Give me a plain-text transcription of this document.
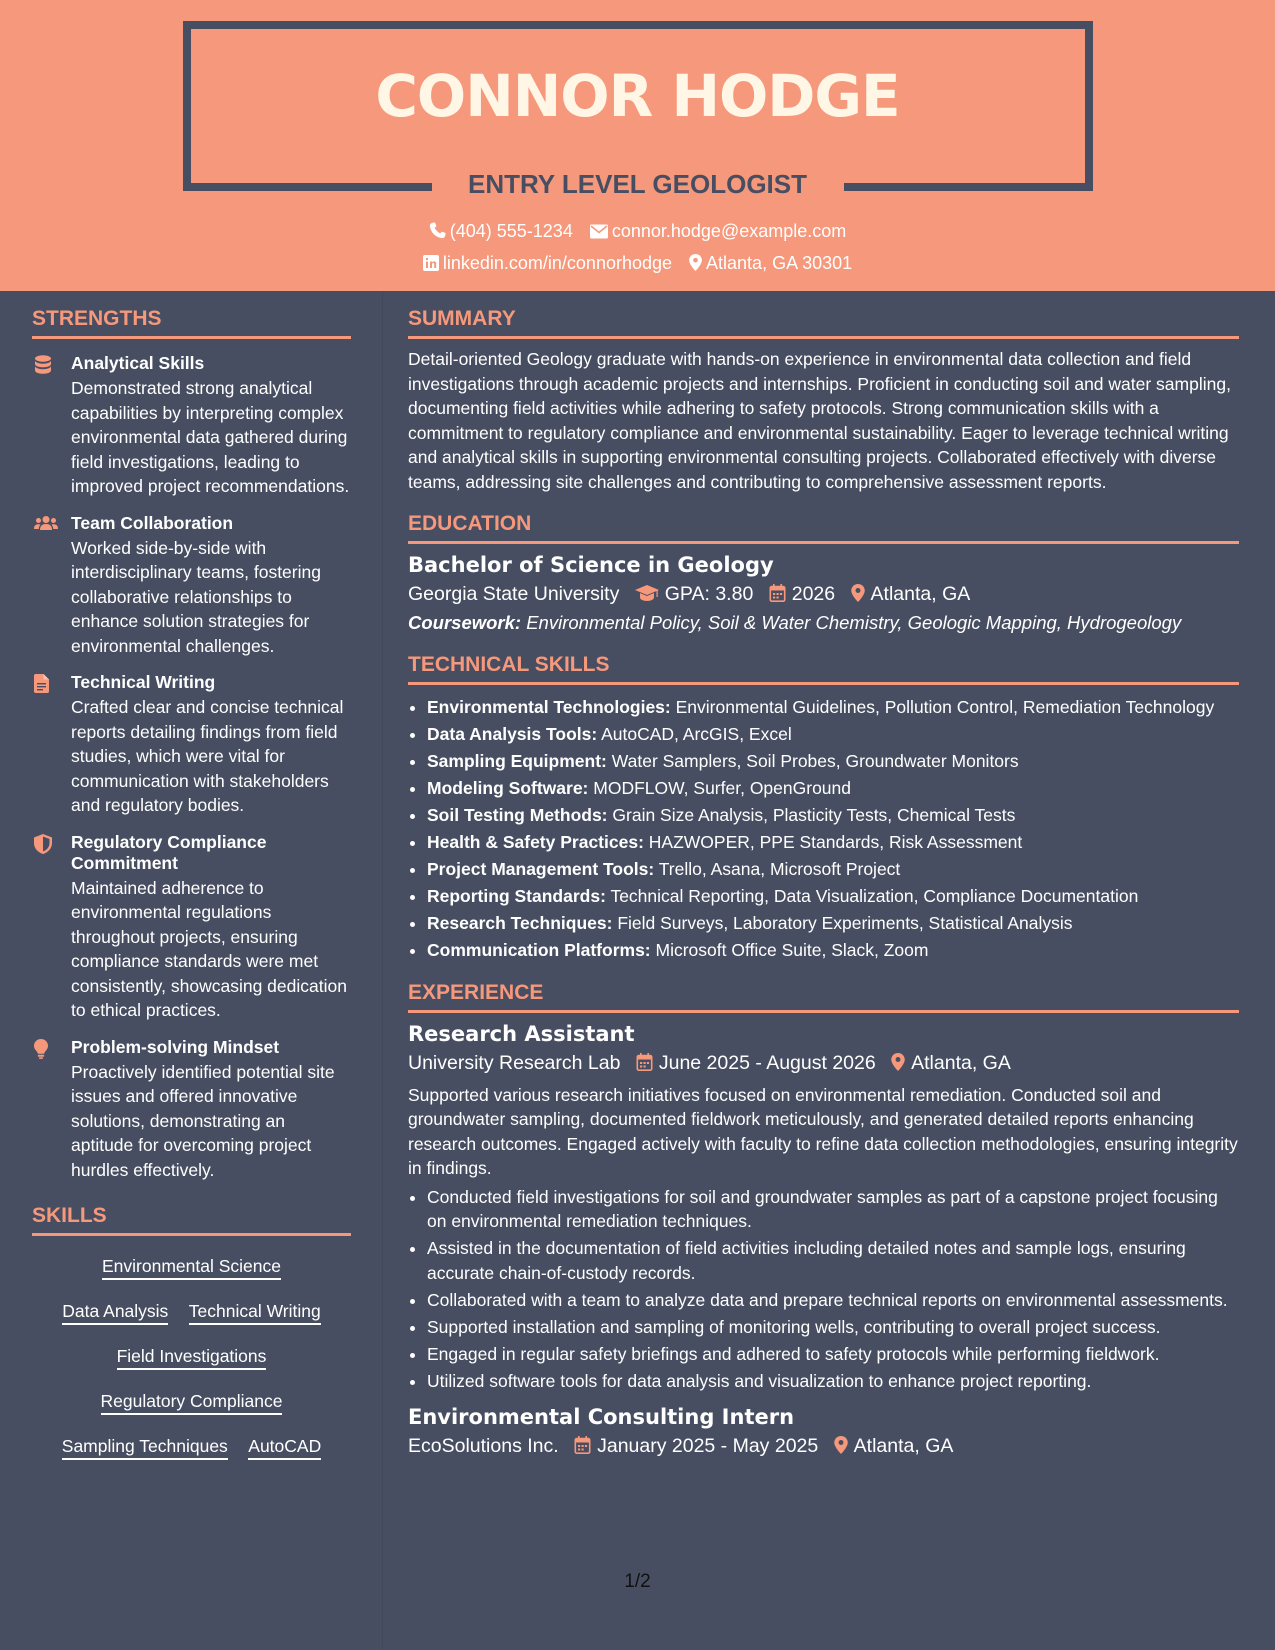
CONNOR HODGE
ENTRY LEVEL GEOLOGIST
(404) 555-1234 connor.hodge@example.com
linkedin.com/in/connorhodge Atlanta, GA 30301
STRENGTHS
Analytical Skills
Demonstrated strong analytical capabilities by interpreting complex environmental data gathered during field investigations, leading to improved project recommendations.
Team Collaboration
Worked side-by-side with interdisciplinary teams, fostering collaborative relationships to enhance solution strategies for environmental challenges.
Technical Writing
Crafted clear and concise technical reports detailing findings from field studies, which were vital for communication with stakeholders and regulatory bodies.
Regulatory Compliance Commitment
Maintained adherence to environmental regulations throughout projects, ensuring compliance standards were met consistently, showcasing dedication to ethical practices.
Problem-solving Mindset
Proactively identified potential site issues and offered innovative solutions, demonstrating an aptitude for overcoming project hurdles effectively.
SKILLS
Environmental Science
Data Analysis Technical Writing
Field Investigations
Regulatory Compliance
Sampling Techniques AutoCAD
SUMMARY
Detail-oriented Geology graduate with hands-on experience in environmental data collection and field investigations through academic projects and internships. Proficient in conducting soil and water sampling, documenting field activities while adhering to safety protocols. Strong communication skills with a commitment to regulatory compliance and environmental sustainability. Eager to leverage technical writing and analytical skills in supporting environmental consulting projects. Collaborated effectively with diverse teams, addressing site challenges and contributing to comprehensive assessment reports.
EDUCATION
Bachelor of Science in Geology
Georgia State University GPA: 3.80 2026 Atlanta, GA
Coursework: Environmental Policy, Soil & Water Chemistry, Geologic Mapping, Hydrogeology
TECHNICAL SKILLS
• Environmental Technologies: Environmental Guidelines, Pollution Control, Remediation Technology
• Data Analysis Tools: AutoCAD, ArcGIS, Excel
• Sampling Equipment: Water Samplers, Soil Probes, Groundwater Monitors
• Modeling Software: MODFLOW, Surfer, OpenGround
• Soil Testing Methods: Grain Size Analysis, Plasticity Tests, Chemical Tests
• Health & Safety Practices: HAZWOPER, PPE Standards, Risk Assessment
• Project Management Tools: Trello, Asana, Microsoft Project
• Reporting Standards: Technical Reporting, Data Visualization, Compliance Documentation
• Research Techniques: Field Surveys, Laboratory Experiments, Statistical Analysis
• Communication Platforms: Microsoft Office Suite, Slack, Zoom
EXPERIENCE
Research Assistant
University Research Lab June 2025 - August 2026 Atlanta, GA
Supported various research initiatives focused on environmental remediation. Conducted soil and groundwater sampling, documented fieldwork meticulously, and generated detailed reports enhancing research outcomes. Engaged actively with faculty to refine data collection methodologies, ensuring integrity in findings.
• Conducted field investigations for soil and groundwater samples as part of a capstone project focusing on environmental remediation techniques.
• Assisted in the documentation of field activities including detailed notes and sample logs, ensuring accurate chain-of-custody records.
• Collaborated with a team to analyze data and prepare technical reports on environmental assessments.
• Supported installation and sampling of monitoring wells, contributing to overall project success.
• Engaged in regular safety briefings and adhered to safety protocols while performing fieldwork.
• Utilized software tools for data analysis and visualization to enhance project reporting.
Environmental Consulting Intern
EcoSolutions Inc. January 2025 - May 2025 Atlanta, GA
1/2
